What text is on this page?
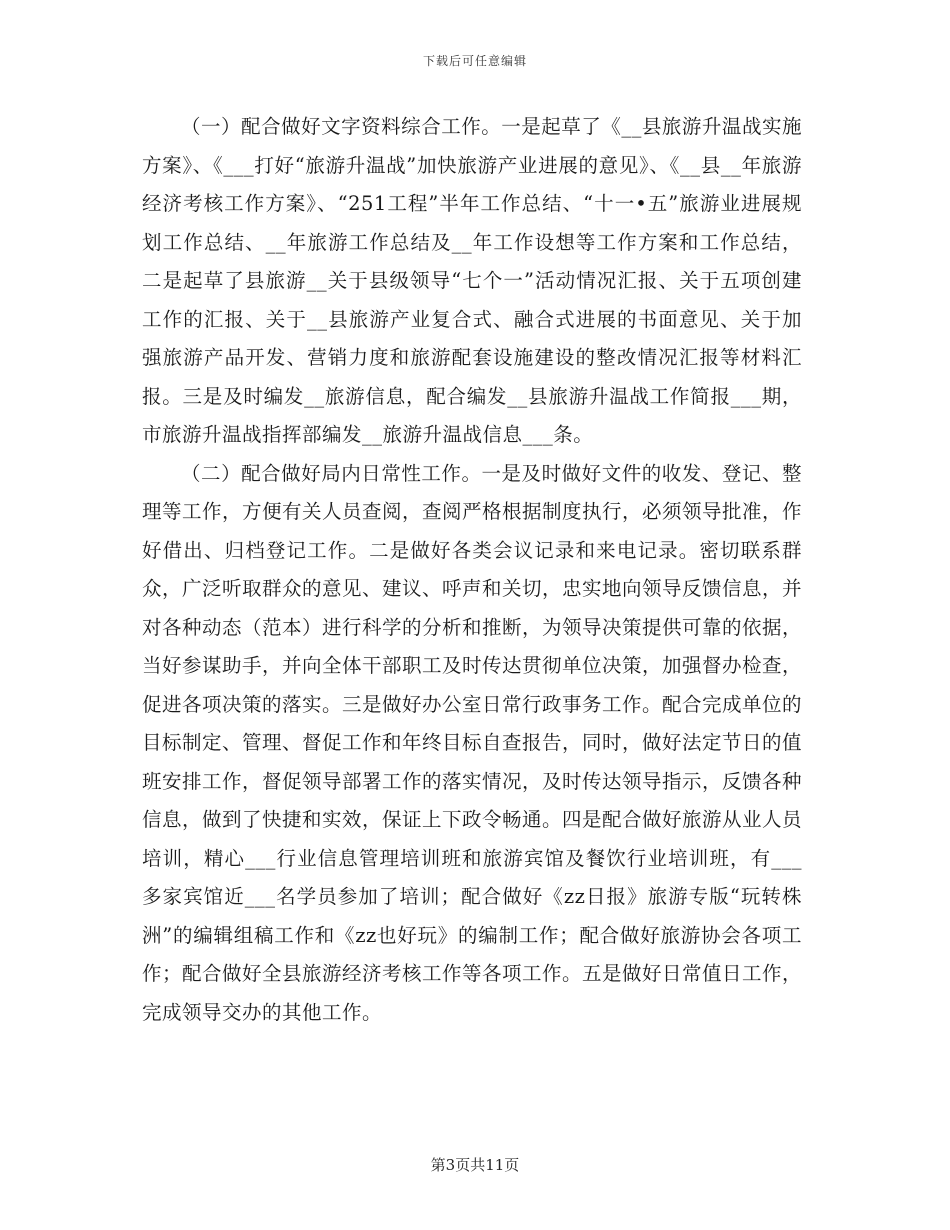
下载后可任意编辑

（一）配合做好文字资料综合工作。一是起草了《__县旅游升温战实施方案》、《___打好“旅游升温战”加快旅游产业进展的意见》、《__县__年旅游经济考核工作方案》、“251工程”半年工作总结、“十一•五”旅游业进展规划工作总结、__年旅游工作总结及__年工作设想等工作方案和工作总结，二是起草了县旅游__关于县级领导“七个一”活动情况汇报、关于五项创建工作的汇报、关于__县旅游产业复合式、融合式进展的书面意见、关于加强旅游产品开发、营销力度和旅游配套设施建设的整改情况汇报等材料汇报。三是及时编发__旅游信息，配合编发__县旅游升温战工作简报___期，市旅游升温战指挥部编发__旅游升温战信息___条。

（二）配合做好局内日常性工作。一是及时做好文件的收发、登记、整理等工作，方便有关人员查阅，查阅严格根据制度执行，必须领导批准，作好借出、归档登记工作。二是做好各类会议记录和来电记录。密切联系群众，广泛听取群众的意见、建议、呼声和关切，忠实地向领导反馈信息，并对各种动态（范本）进行科学的分析和推断，为领导决策提供可靠的依据，当好参谋助手，并向全体干部职工及时传达贯彻单位决策，加强督办检查，促进各项决策的落实。三是做好办公室日常行政事务工作。配合完成单位的目标制定、管理、督促工作和年终目标自查报告，同时，做好法定节日的值班安排工作，督促领导部署工作的落实情况，及时传达领导指示，反馈各种信息，做到了快捷和实效，保证上下政令畅通。四是配合做好旅游从业人员培训，精心___行业信息管理培训班和旅游宾馆及餐饮行业培训班，有___多家宾馆近___名学员参加了培训；配合做好《zz日报》旅游专版“玩转株洲”的编辑组稿工作和《zz也好玩》的编制工作；配合做好旅游协会各项工作；配合做好全县旅游经济考核工作等各项工作。五是做好日常值日工作，完成领导交办的其他工作。

第3页共11页
